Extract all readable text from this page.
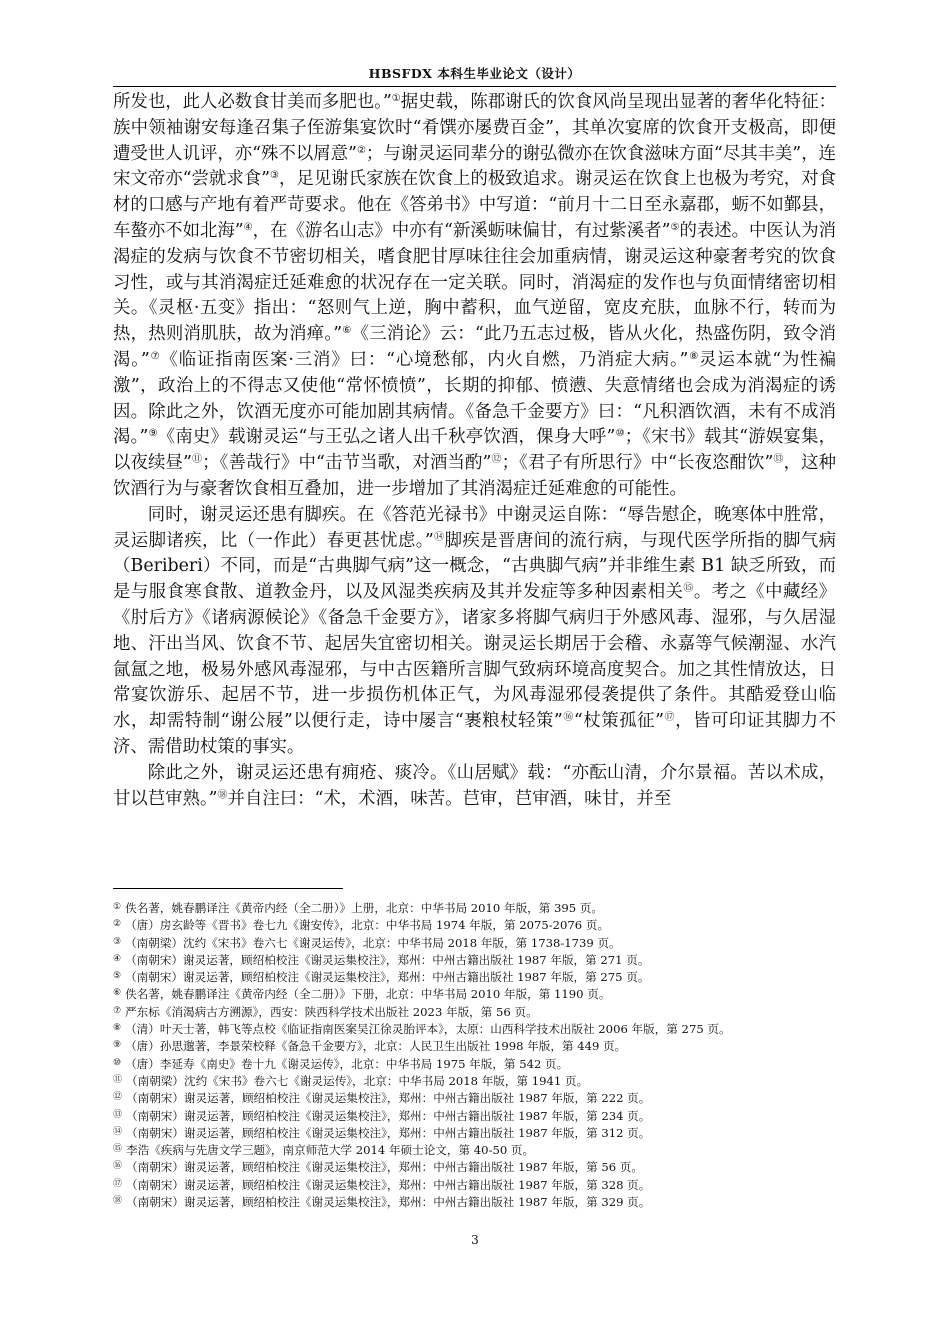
HBSFDX 本科生毕业论文（设计）

所发也，此人必数食甘美而多肥也。”①据史载，陈郡谢氏的饮食风尚呈现出显著的奢华化特征：族中领袖谢安每逢召集子侄游集宴饮时“肴馔亦屡费百金”，其单次宴席的饮食开支极高，即便遭受世人讥评，亦“殊不以屑意”②；与谢灵运同辈分的谢弘微亦在饮食滋味方面“尽其丰美”，连宋文帝亦“尝就求食”③，足见谢氏家族在饮食上的极致追求。谢灵运在饮食上也极为考究，对食材的口感与产地有着严苛要求。他在《答弟书》中写道：“前月十二日至永嘉郡，蛎不如鄞县，车螯亦不如北海”④，在《游名山志》中亦有“新溪蛎味偏甘，有过紫溪者”⑤的表述。中医认为消渴症的发病与饮食不节密切相关，嗜食肥甘厚味往往会加重病情，谢灵运这种豪奢考究的饮食习性，或与其消渴症迁延难愈的状况存在一定关联。同时，消渴症的发作也与负面情绪密切相关。《灵枢·五变》指出：“怒则气上逆，胸中蓄积，血气逆留，宽皮充肤，血脉不行，转而为热，热则消肌肤，故为消瘅。”⑥《三消论》云：“此乃五志过极，皆从火化，热盛伤阴，致令消渴。”⑦《临证指南医案·三消》曰：“心境愁郁，内火自燃，乃消症大病。”⑧灵运本就“为性褊激”，政治上的不得志又使他“常怀愤愤”，长期的抑郁、愤懑、失意情绪也会成为消渴症的诱因。除此之外，饮酒无度亦可能加剧其病情。《备急千金要方》曰：“凡积酒饮酒，未有不成消渴。”⑨《南史》载谢灵运“与王弘之诸人出千秋亭饮酒，倮身大呼”⑩；《宋书》载其“游娱宴集，以夜续昼”⑪；《善哉行》中“击节当歌，对酒当酌”⑫；《君子有所思行》中“长夜恣酣饮”⑬，这种饮酒行为与豪奢饮食相互叠加，进一步增加了其消渴症迁延难愈的可能性。

同时，谢灵运还患有脚疾。在《答范光禄书》中谢灵运自陈：“辱告慰企，晚寒体中胜常，灵运脚诸疾，比（一作此）春更甚忧虑。”⑭脚疾是晋唐间的流行病，与现代医学所指的脚气病（Beriberi）不同，而是“古典脚气病”这一概念，“古典脚气病”并非维生素 B1 缺乏所致，而是与服食寒食散、道教金丹，以及风湿类疾病及其并发症等多种因素相关⑮。考之《中藏经》《肘后方》《诸病源候论》《备急千金要方》，诸家多将脚气病归于外感风毒、湿邪，与久居湿地、汗出当风、饮食不节、起居失宜密切相关。谢灵运长期居于会稽、永嘉等气候潮湿、水汽氤氲之地，极易外感风毒湿邪，与中古医籍所言脚气致病环境高度契合。加之其性情放达，日常宴饮游乐、起居不节，进一步损伤机体正气，为风毒湿邪侵袭提供了条件。其酷爱登山临水，却需特制“谢公屐”以便行走，诗中屡言“裹粮杖轻策”⑯“杖策孤征”⑰，皆可印证其脚力不济、需借助杖策的事实。

除此之外，谢灵运还患有痈疮、痰冷。《山居赋》载：“亦酝山清，介尔景福。苦以术成，甘以𦬊审熟。”⑱并自注曰：“术，术酒，味苦。𦬊审，𦬊审酒，味甘，并至

① 佚名著，姚春鹏译注《黄帝内经（全二册）》上册，北京：中华书局 2010 年版，第 395 页。
② （唐）房玄龄等《晋书》卷七九《谢安传》，北京：中华书局 1974 年版，第 2075-2076 页。
③ （南朝梁）沈约《宋书》卷六七《谢灵运传》，北京：中华书局 2018 年版，第 1738-1739 页。
④ （南朝宋）谢灵运著，顾绍柏校注《谢灵运集校注》，郑州：中州古籍出版社 1987 年版，第 271 页。
⑤ （南朝宋）谢灵运著，顾绍柏校注《谢灵运集校注》，郑州：中州古籍出版社 1987 年版，第 275 页。
⑥ 佚名著，姚春鹏译注《黄帝内经（全二册）》下册，北京：中华书局 2010 年版，第 1190 页。
⑦ 严东标《消渴病古方溯源》，西安：陕西科学技术出版社 2023 年版，第 56 页。
⑧ （清）叶天士著，韩飞等点校《临证指南医案吴江徐灵胎评本》，太原：山西科学技术出版社 2006 年版，第 275 页。
⑨ （唐）孙思邈著，李景荣校释《备急千金要方》，北京：人民卫生出版社 1998 年版，第 449 页。
⑩ （唐）李延寿《南史》卷十九《谢灵运传》，北京：中华书局 1975 年版，第 542 页。
⑪ （南朝梁）沈约《宋书》卷六七《谢灵运传》，北京：中华书局 2018 年版，第 1941 页。
⑫ （南朝宋）谢灵运著，顾绍柏校注《谢灵运集校注》，郑州：中州古籍出版社 1987 年版，第 222 页。
⑬ （南朝宋）谢灵运著，顾绍柏校注《谢灵运集校注》，郑州：中州古籍出版社 1987 年版，第 234 页。
⑭ （南朝宋）谢灵运著，顾绍柏校注《谢灵运集校注》，郑州：中州古籍出版社 1987 年版，第 312 页。
⑮ 李浩《疾病与先唐文学三题》，南京师范大学 2014 年硕士论文，第 40-50 页。
⑯ （南朝宋）谢灵运著，顾绍柏校注《谢灵运集校注》，郑州：中州古籍出版社 1987 年版，第 56 页。
⑰ （南朝宋）谢灵运著，顾绍柏校注《谢灵运集校注》，郑州：中州古籍出版社 1987 年版，第 328 页。
⑱ （南朝宋）谢灵运著，顾绍柏校注《谢灵运集校注》，郑州：中州古籍出版社 1987 年版，第 329 页。
3
